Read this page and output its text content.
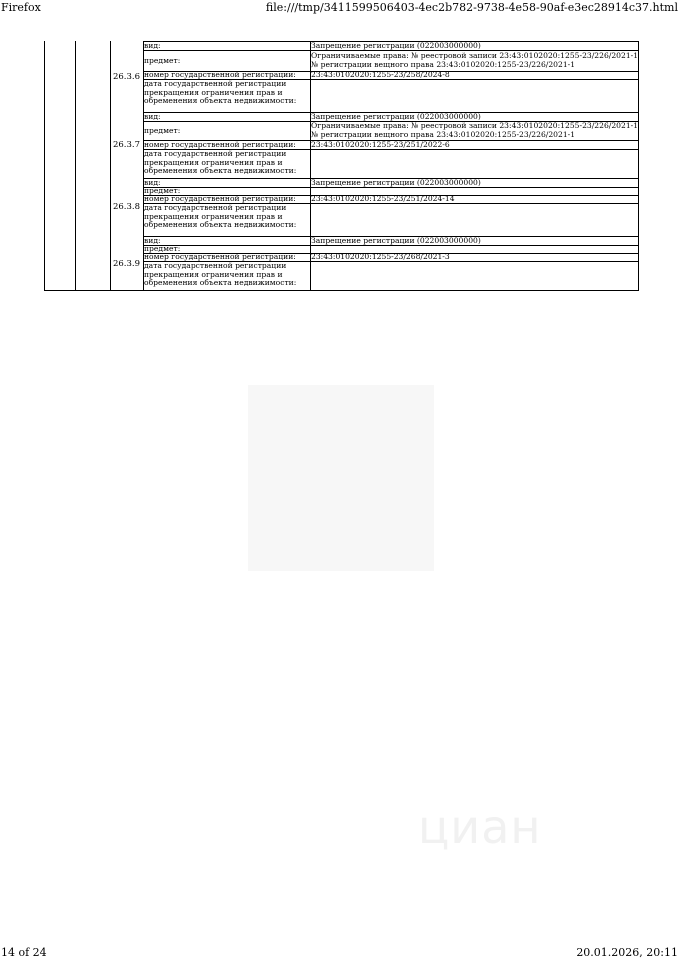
Firefox	file:///tmp/3411599506403-4ec2b782-9738-4e58-90af-e3ec28914c37.html
циан
26.3.6
вид:	Запрещение регистрации (022003000000)
предмет:	Ограничиваемые права: № реестровой записи 23:43:0102020:1255-23/226/2021-1
№ регистрации вещного права 23:43:0102020:1255-23/226/2021-1
номер государственной регистрации:	23:43:0102020:1255-23/258/2024-8
дата государственной регистрации прекращения ограничения прав и обременения объекта недвижимости:
26.3.7
вид:	Запрещение регистрации (022003000000)
предмет:	Ограничиваемые права: № реестровой записи 23:43:0102020:1255-23/226/2021-1
№ регистрации вещного права 23:43:0102020:1255-23/226/2021-1
номер государственной регистрации:	23:43:0102020:1255-23/251/2022-6
дата государственной регистрации прекращения ограничения прав и обременения объекта недвижимости:
26.3.8
вид:	Запрещение регистрации (022003000000)
предмет:
номер государственной регистрации:	23:43:0102020:1255-23/251/2024-14
дата государственной регистрации прекращения ограничения прав и обременения объекта недвижимости:
26.3.9
вид:	Запрещение регистрации (022003000000)
предмет:
номер государственной регистрации:	23:43:0102020:1255-23/268/2021-3
дата государственной регистрации прекращения ограничения прав и обременения объекта недвижимости:
14 of 24	20.01.2026, 20:11
